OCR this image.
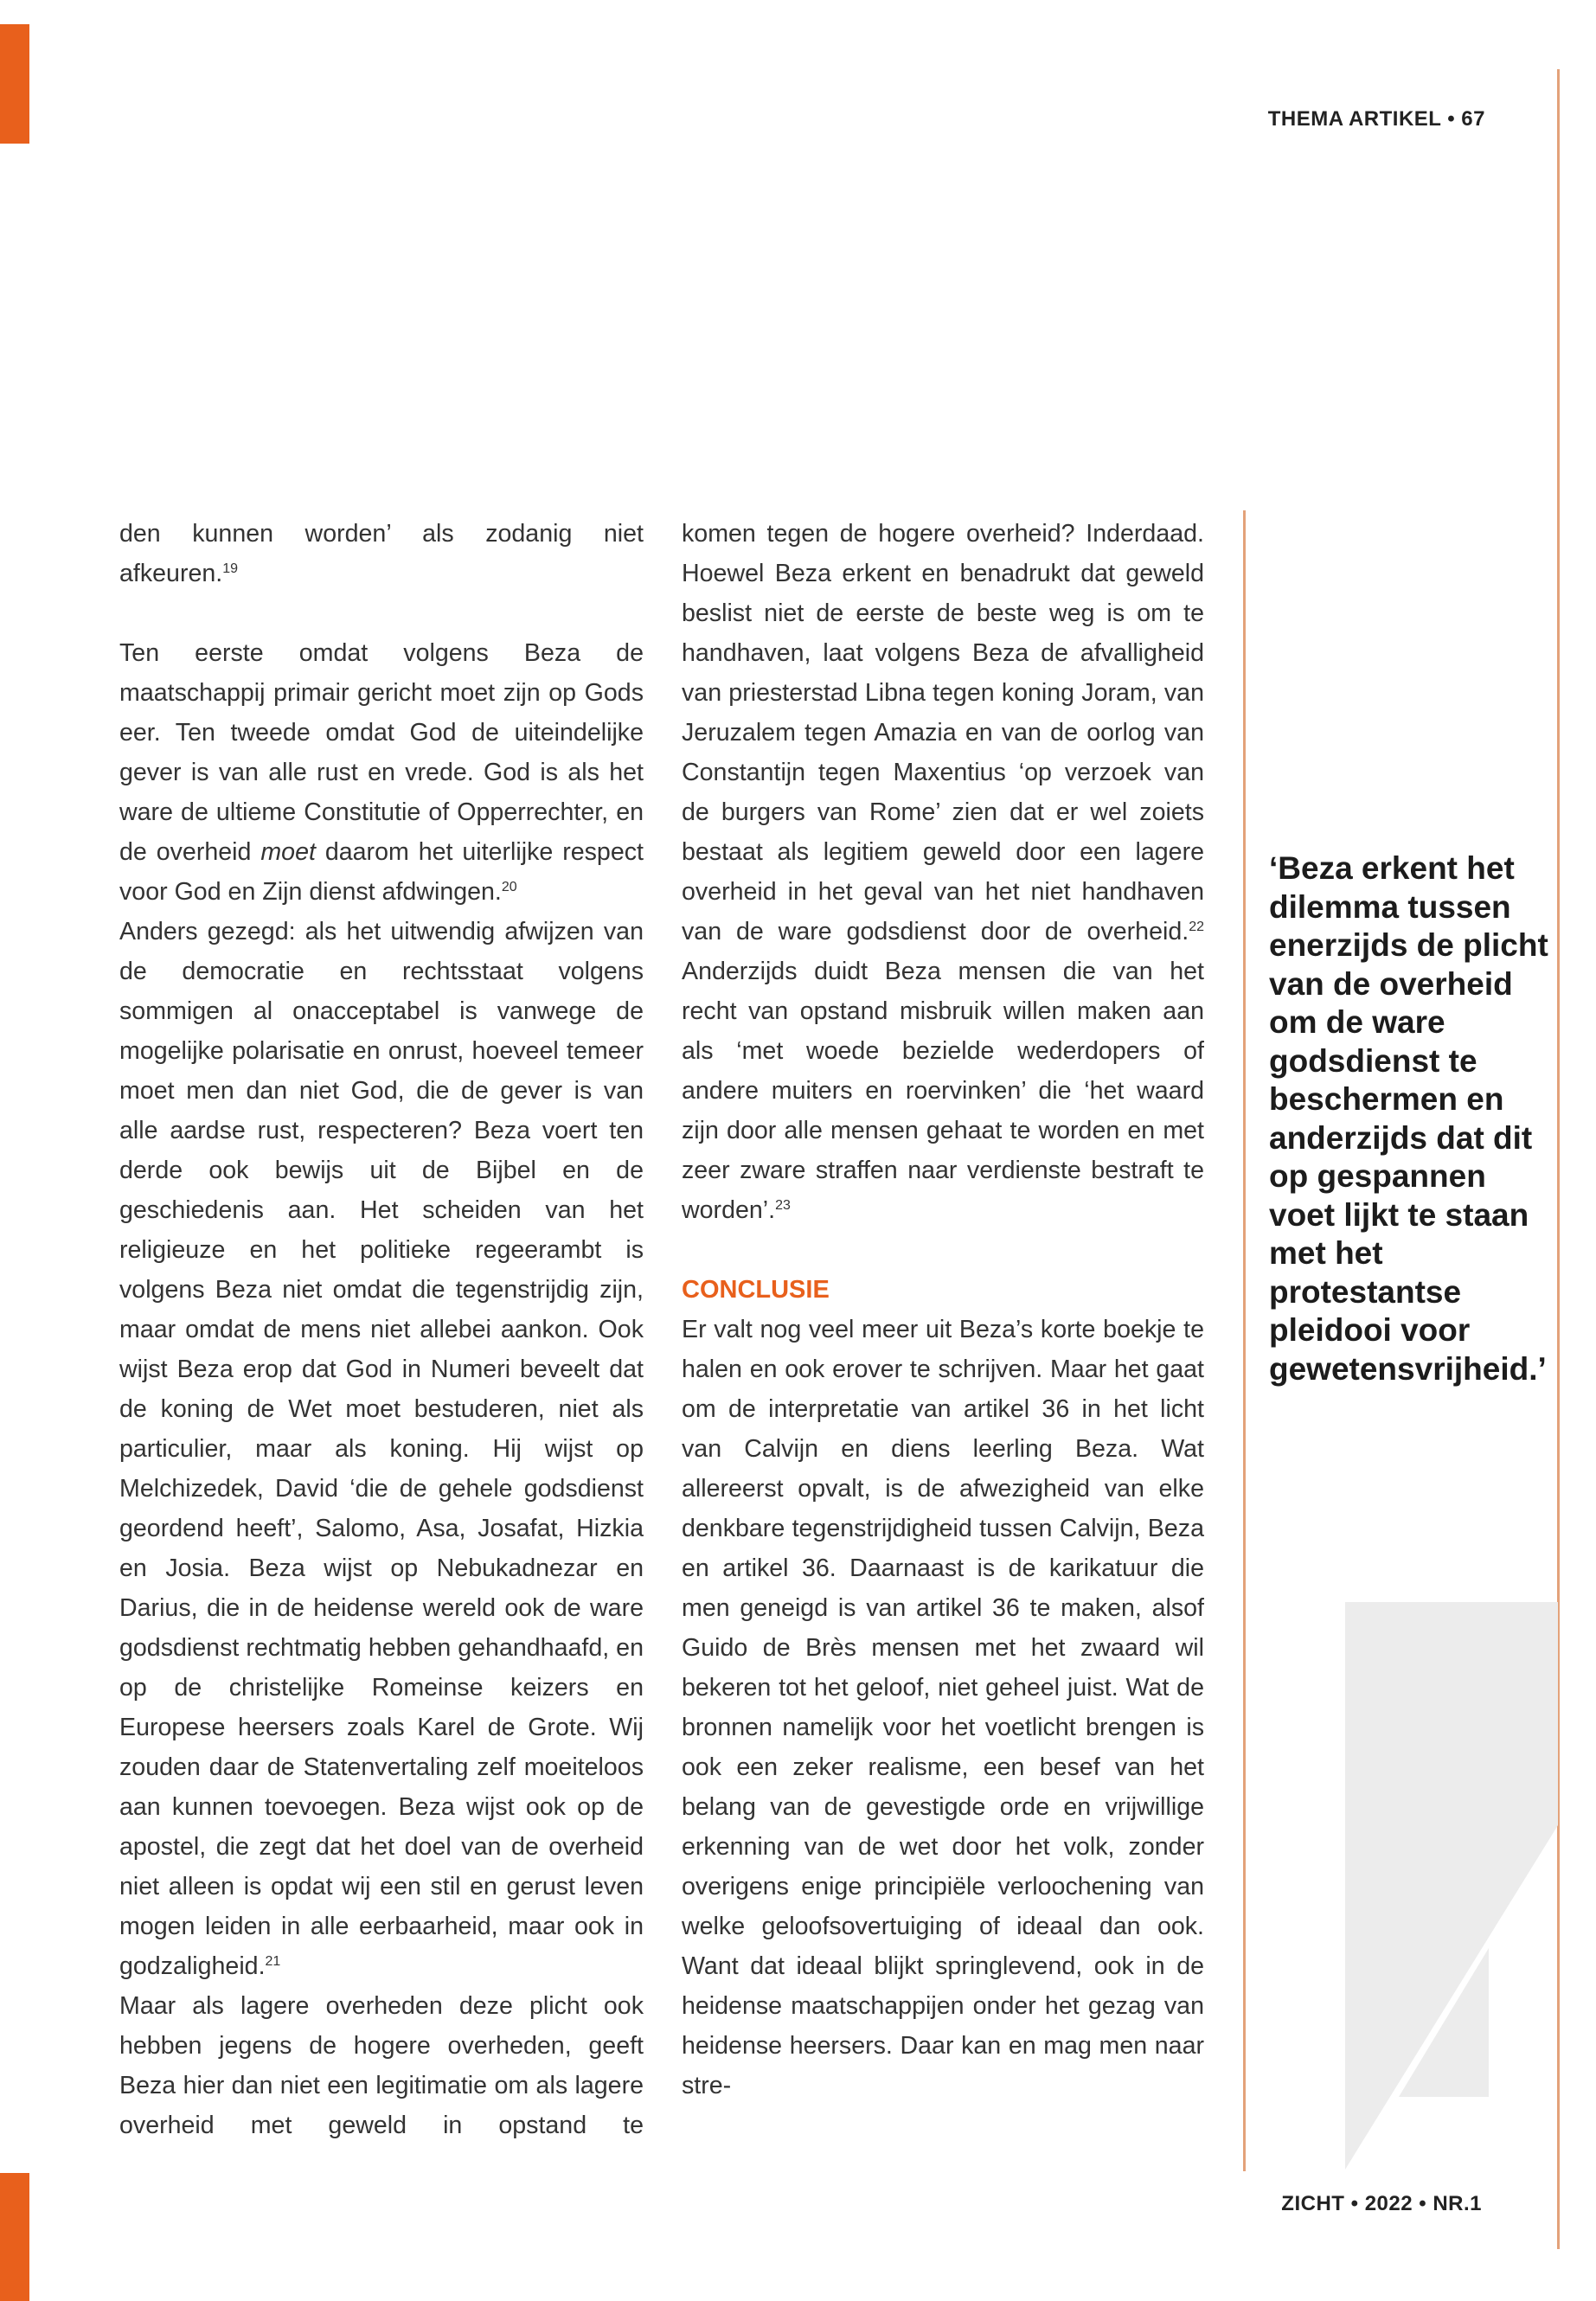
THEMA ARTIKEL • 67

den kunnen worden’ als zodanig niet afkeuren.$^{19}$

Ten eerste omdat volgens Beza de maatschappij primair gericht moet zijn op Gods eer. Ten tweede omdat God de uiteindelijke gever is van alle rust en vrede. God is als het ware de ultieme Constitutie of Opperrechter, en de overheid moet daarom het uiterlijke respect voor God en Zijn dienst afdwingen.$^{20}$

Anders gezegd: als het uitwendig afwijzen van de democratie en rechtsstaat volgens sommigen al onacceptabel is vanwege de mogelijke polarisatie en onrust, hoeveel temeer moet men dan niet God, die de gever is van alle aardse rust, respecteren? Beza voert ten derde ook bewijs uit de Bijbel en de geschiedenis aan. Het scheiden van het religieuze en het politieke regeerambt is volgens Beza niet omdat die tegenstrijdig zijn, maar omdat de mens niet allebei aankon. Ook wijst Beza erop dat God in Numeri beveelt dat de koning de Wet moet bestuderen, niet als particulier, maar als koning. Hij wijst op Melchizedek, David ‘die de gehele godsdienst geordend heeft’, Salomo, Asa, Josafat, Hizkia en Josia. Beza wijst op Nebukadnezar en Darius, die in de heidense wereld ook de ware godsdienst rechtmatig hebben gehandhaafd, en op de christelijke Romeinse keizers en Europese heersers zoals Karel de Grote. Wij zouden daar de Statenvertaling zelf moeiteloos aan kunnen toevoegen. Beza wijst ook op de apostel, die zegt dat het doel van de overheid niet alleen is opdat wij een stil en gerust leven mogen leiden in alle eerbaarheid, maar ook in godzaligheid.$^{21}$

Maar als lagere overheden deze plicht ook hebben jegens de hogere overheden, geeft Beza hier dan niet een legitimatie om als lagere overheid met geweld in opstand te

komen tegen de hogere overheid? Inderdaad. Hoewel Beza erkent en benadrukt dat geweld beslist niet de eerste de beste weg is om te handhaven, laat volgens Beza de afvalligheid van priesterstad Libna tegen koning Joram, van Jeruzalem tegen Amazia en van de oorlog van Constantijn tegen Maxentius ‘op verzoek van de burgers van Rome’ zien dat er wel zoiets bestaat als legitiem geweld door een lagere overheid in het geval van het niet handhaven van de ware godsdienst door de overheid.$^{22}$ Anderzijds duidt Beza mensen die van het recht van opstand misbruik willen maken aan als ‘met woede bezielde wederdopers of andere muiters en roervinken’ die ‘het waard zijn door alle mensen gehaat te worden en met zeer zware straffen naar verdienste bestraft te worden’.$^{23}$

CONCLUSIE

Er valt nog veel meer uit Beza’s korte boekje te halen en ook erover te schrijven. Maar het gaat om de interpretatie van artikel 36 in het licht van Calvijn en diens leerling Beza. Wat allereerst opvalt, is de afwezigheid van elke denkbare tegenstrijdigheid tussen Calvijn, Beza en artikel 36. Daarnaast is de karikatuur die men geneigd is van artikel 36 te maken, alsof Guido de Brès mensen met het zwaard wil bekeren tot het geloof, niet geheel juist. Wat de bronnen namelijk voor het voetlicht brengen is ook een zeker realisme, een besef van het belang van de gevestigde orde en vrijwillige erkenning van de wet door het volk, zonder overigens enige principiële verloochening van welke geloofsovertuiging of ideaal dan ook. Want dat ideaal blijkt springlevend, ook in de heidense maatschappijen onder het gezag van heidense heersers. Daar kan en mag men naar stre-

‘Beza erkent het dilemma tussen enerzijds de plicht van de overheid om de ware godsdienst te beschermen en anderzijds dat dit op gespannen voet lijkt te staan met het protestantse pleidooi voor gewetensvrijheid.’
ZICHT • 2022 • NR.1
